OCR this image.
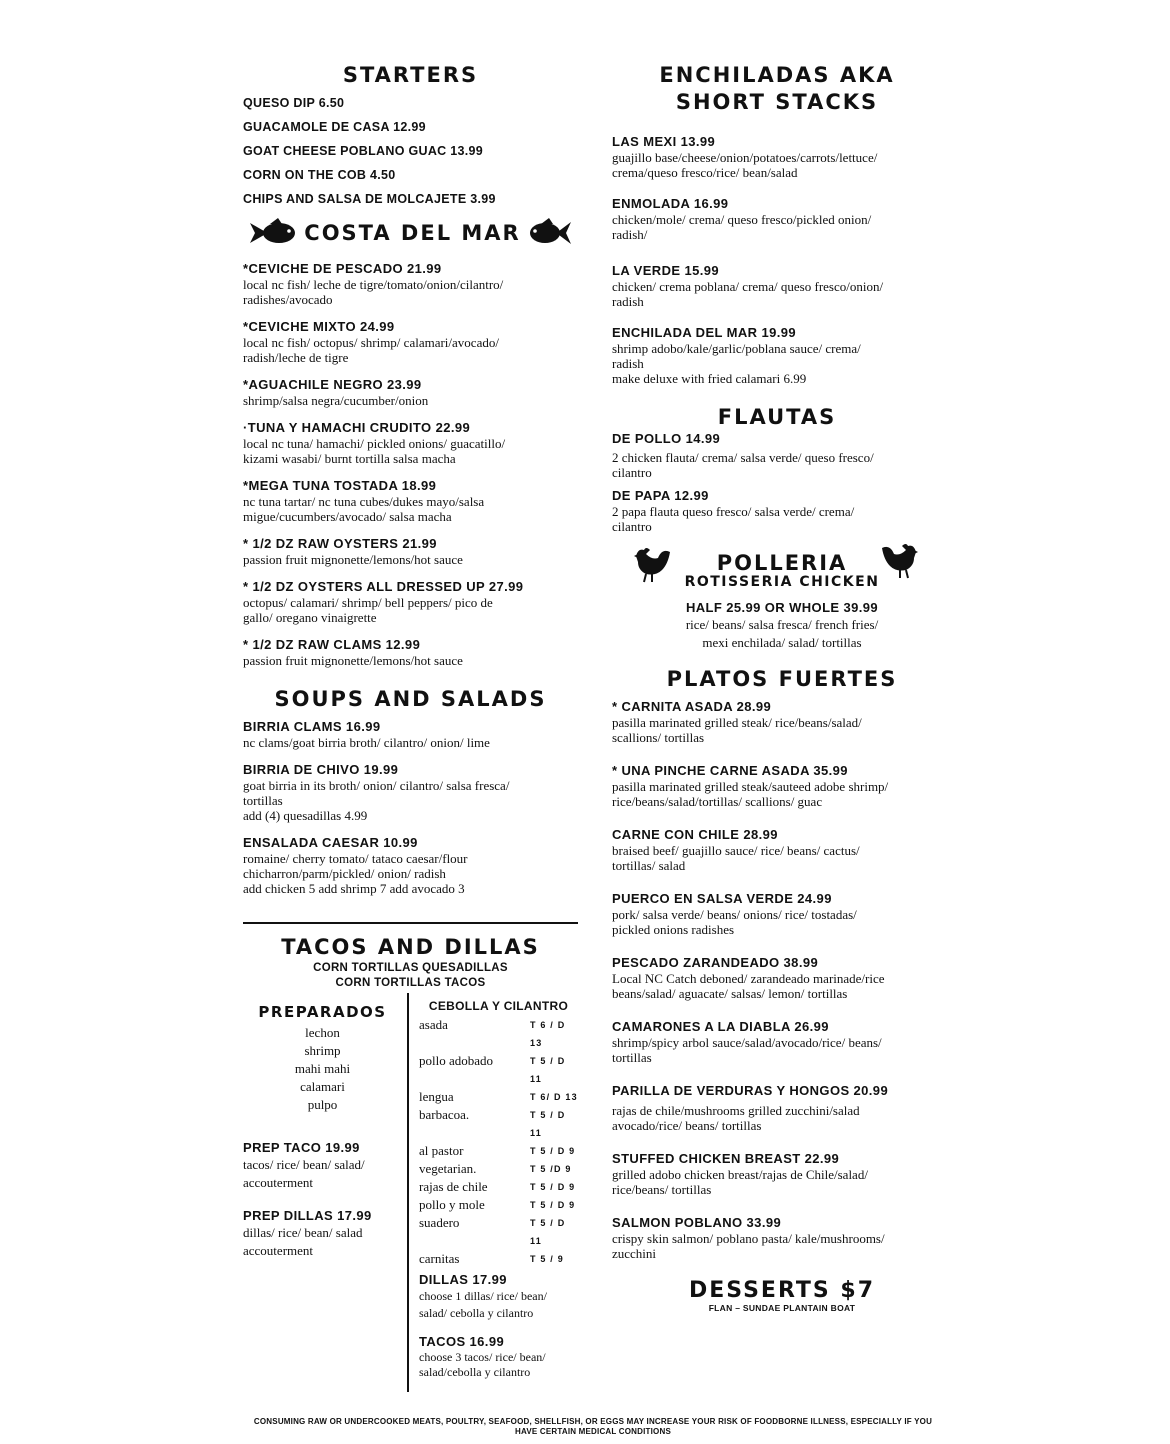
STARTERS
QUESO DIP 6.50
GUACAMOLE DE CASA 12.99
GOAT CHEESE POBLANO GUAC 13.99
CORN ON THE COB 4.50
CHIPS AND SALSA DE MOLCAJETE 3.99
COSTA DEL MAR
*CEVICHE DE PESCADO 21.99
local nc fish/ leche de tigre/tomato/onion/cilantro/
radishes/avocado
*CEVICHE MIXTO 24.99
local nc fish/ octopus/ shrimp/ calamari/avocado/
radish/leche de tigre
*AGUACHILE NEGRO 23.99
shrimp/salsa negra/cucumber/onion
·TUNA Y HAMACHI CRUDITO 22.99
local nc tuna/ hamachi/ pickled onions/ guacatillo/
kizami wasabi/ burnt tortilla salsa macha
*MEGA TUNA TOSTADA 18.99
nc tuna tartar/ nc tuna cubes/dukes mayo/salsa
migue/cucumbers/avocado/ salsa macha
* 1/2 DZ RAW OYSTERS 21.99
passion fruit mignonette/lemons/hot sauce
* 1/2 DZ OYSTERS ALL DRESSED UP 27.99
octopus/ calamari/ shrimp/ bell peppers/ pico de
gallo/ oregano vinaigrette
* 1/2 DZ RAW CLAMS 12.99
passion fruit mignonette/lemons/hot sauce
SOUPS AND SALADS
BIRRIA CLAMS 16.99
nc clams/goat birria broth/ cilantro/ onion/ lime
BIRRIA DE CHIVO 19.99
goat birria in its broth/ onion/ cilantro/ salsa fresca/
tortillas
add (4) quesadillas 4.99
ENSALADA CAESAR 10.99
romaine/ cherry tomato/ tataco caesar/flour
chicharron/parm/pickled/ onion/ radish
add chicken 5 add shrimp 7 add avocado 3
TACOS AND DILLAS
CORN TORTILLAS QUESADILLAS
CORN TORTILLAS TACOS
PREPARADOS
lechon
shrimp
mahi mahi
calamari
pulpo
PREP TACO 19.99
tacos/ rice/ bean/ salad/
accouterment
PREP DILLAS 17.99
dillas/ rice/ bean/ salad
accouterment
CEBOLLA Y CILANTRO
asada	T 6 / D 13
pollo adobado	T 5 / D 11
lengua	T 6/ D 13
barbacoa.	T 5 / D 11
al pastor	T 5 / D 9
vegetarian.	T 5 /D 9
rajas de chile	T 5 / D 9
pollo y mole	T 5 / D 9
suadero	T 5 / D 11
carnitas	T 5 / 9
DILLAS 17.99
choose 1 dillas/ rice/ bean/
salad/ cebolla y cilantro
TACOS 16.99
choose 3 tacos/ rice/ bean/
salad/cebolla y cilantro
ENCHILADAS AKA
SHORT STACKS
LAS MEXI 13.99
guajillo base/cheese/onion/potatoes/carrots/lettuce/
crema/queso fresco/rice/ bean/salad
ENMOLADA 16.99
chicken/mole/ crema/ queso fresco/pickled onion/
radish/
LA VERDE 15.99
chicken/ crema poblana/ crema/ queso fresco/onion/
radish
ENCHILADA DEL MAR 19.99
shrimp adobo/kale/garlic/poblana sauce/ crema/
radish
make deluxe with fried calamari 6.99
FLAUTAS
DE POLLO 14.99
2 chicken flauta/ crema/ salsa verde/ queso fresco/
cilantro
DE PAPA 12.99
2 papa flauta queso fresco/ salsa verde/ crema/
cilantro
POLLERIA
ROTISSERIA CHICKEN
HALF 25.99 OR WHOLE 39.99
rice/ beans/ salsa fresca/ french fries/
mexi enchilada/ salad/ tortillas
PLATOS FUERTES
* CARNITA ASADA 28.99
pasilla marinated grilled steak/ rice/beans/salad/
scallions/ tortillas
* UNA PINCHE CARNE ASADA 35.99
pasilla marinated grilled steak/sauteed adobe shrimp/
rice/beans/salad/tortillas/ scallions/ guac
CARNE CON CHILE 28.99
braised beef/ guajillo sauce/ rice/ beans/ cactus/
tortillas/ salad
PUERCO EN SALSA VERDE 24.99
pork/ salsa verde/ beans/ onions/ rice/ tostadas/
pickled onions radishes
PESCADO ZARANDEADO 38.99
Local NC Catch deboned/ zarandeado marinade/rice
beans/salad/ aguacate/ salsas/ lemon/ tortillas
CAMARONES A LA DIABLA 26.99
shrimp/spicy arbol sauce/salad/avocado/rice/ beans/
tortillas
PARILLA DE VERDURAS Y HONGOS 20.99
rajas de chile/mushrooms grilled zucchini/salad
avocado/rice/ beans/ tortillas
STUFFED CHICKEN BREAST 22.99
grilled adobo chicken breast/rajas de Chile/salad/
rice/beans/ tortillas
SALMON POBLANO 33.99
crispy skin salmon/ poblano pasta/ kale/mushrooms/
zucchini
DESSERTS $7
FLAN – SUNDAE PLANTAIN BOAT
CONSUMING RAW OR UNDERCOOKED MEATS, POULTRY, SEAFOOD, SHELLFISH, OR EGGS MAY INCREASE YOUR RISK OF FOODBORNE ILLNESS, ESPECIALLY IF YOU HAVE CERTAIN MEDICAL CONDITIONS
